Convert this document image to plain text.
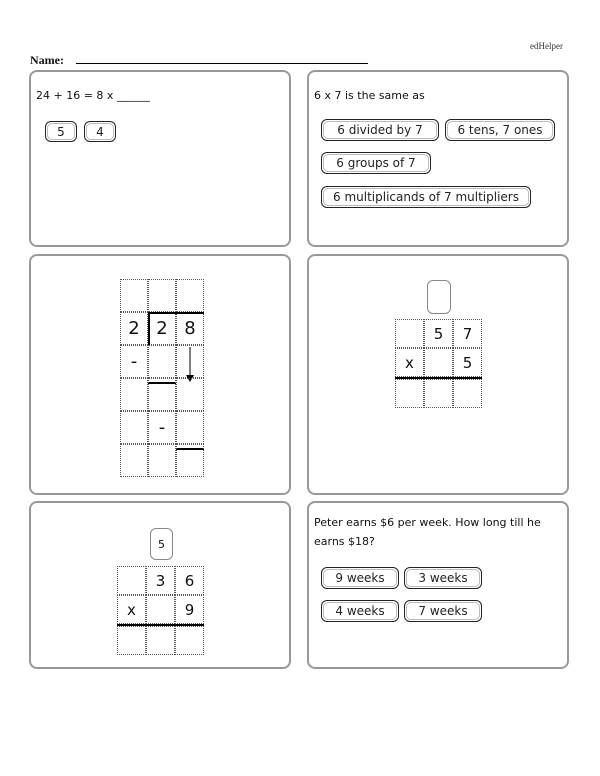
edHelper
Name:
24 + 16 = 8 x ______
5	4
6 x 7 is the same as
6 divided by 7	6 tens, 7 ones
6 groups of 7
6 multiplicands of 7 multipliers
2 2 8
-
-
5 7
x	5
5
3 6
x	9
Peter earns $6 per week. How long till he
earns $18?
9 weeks	3 weeks
4 weeks	7 weeks
